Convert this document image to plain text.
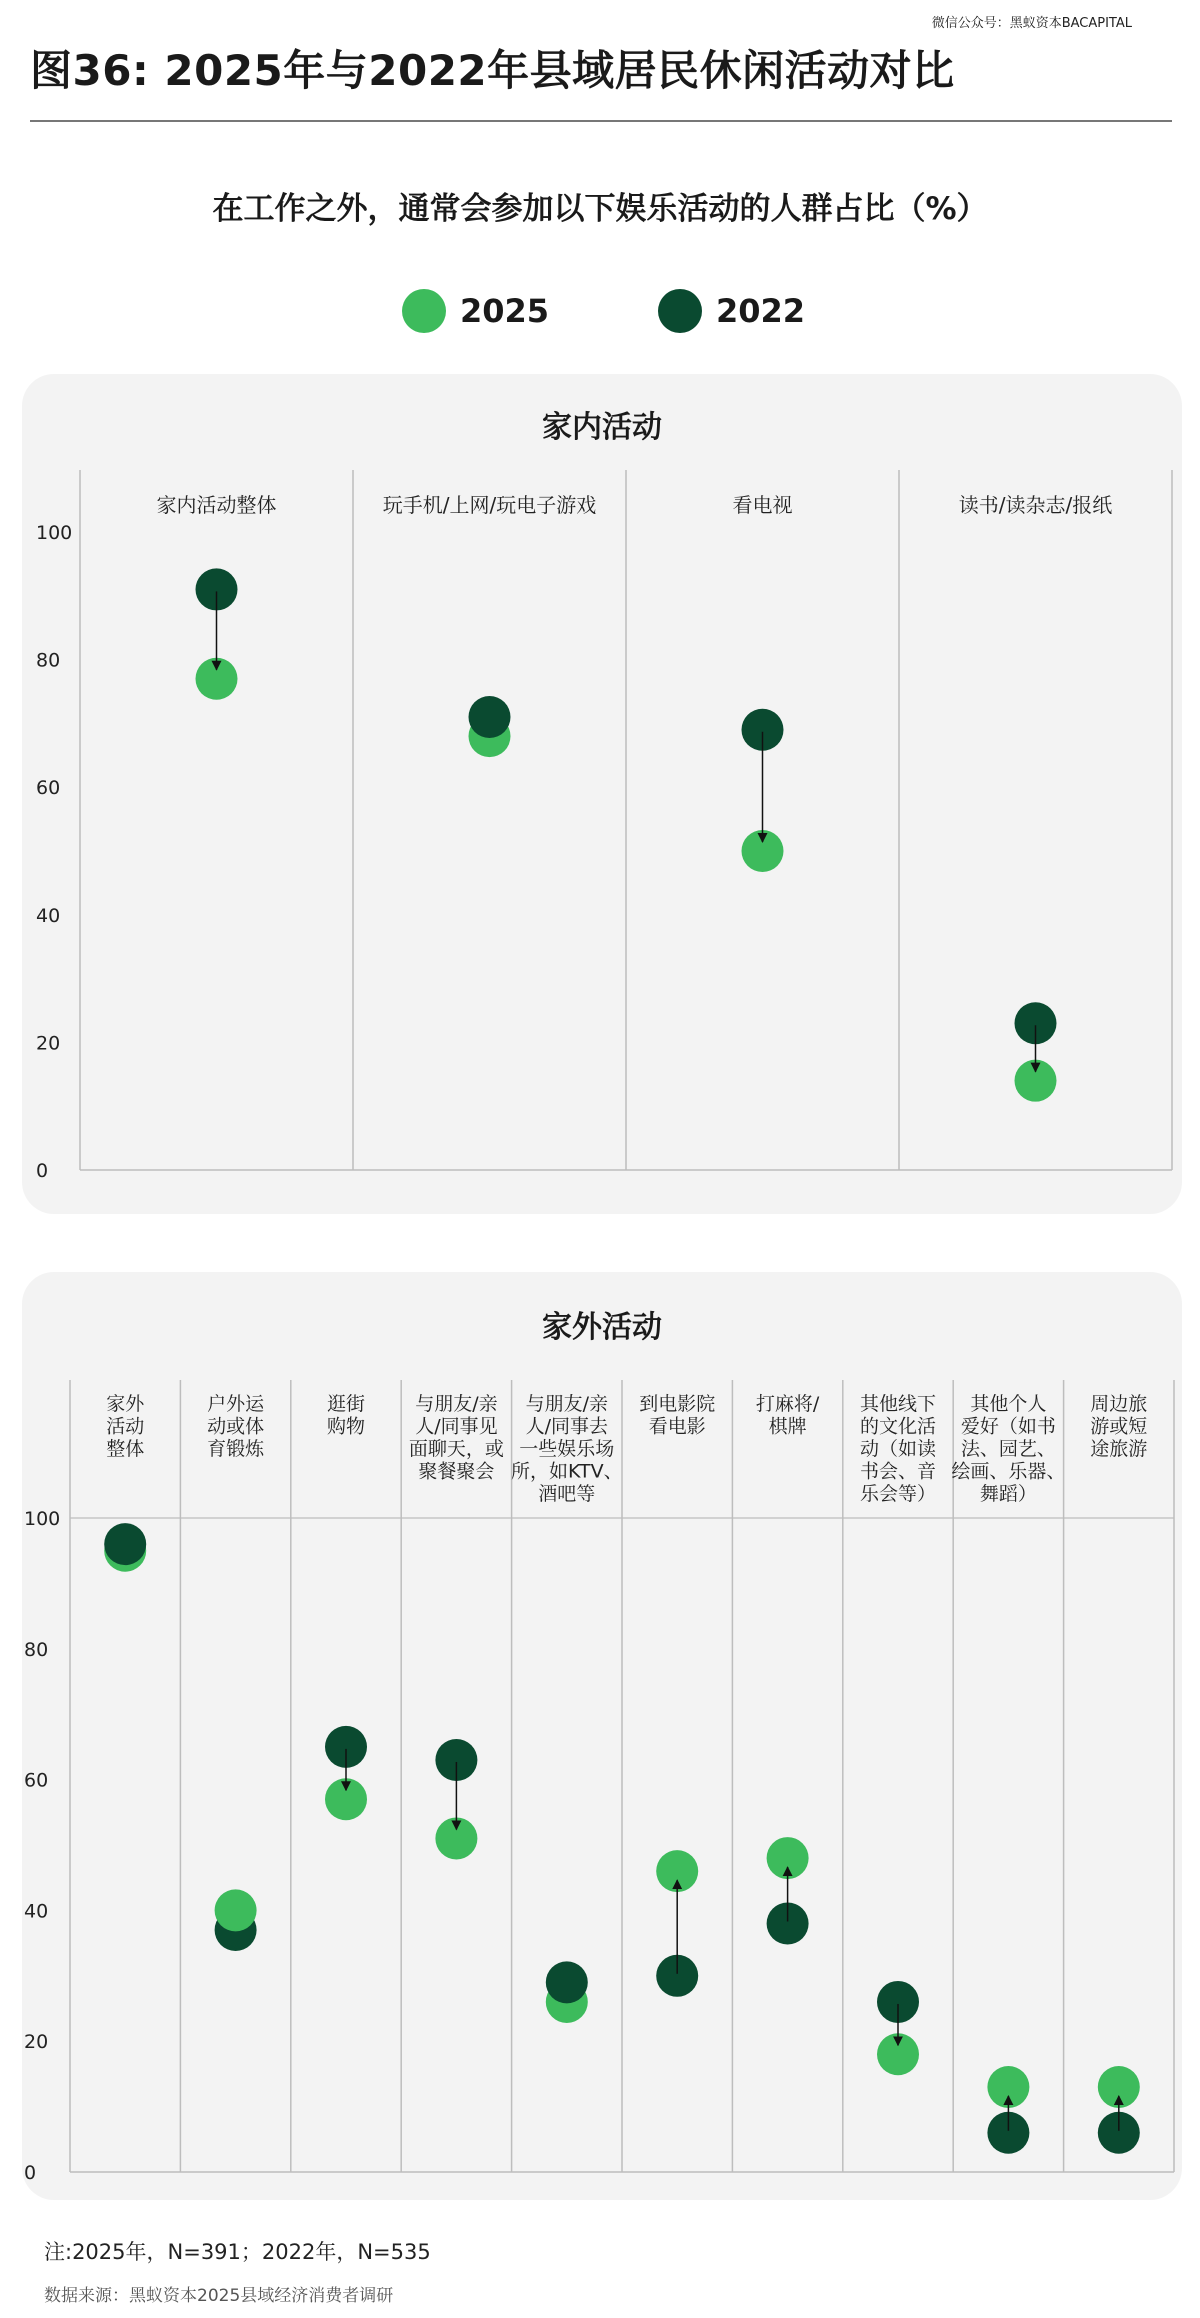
微信公众号：黑蚁资本BACAPITAL
图36: 2025年与2022年县域居民休闲活动对比
在工作之外，通常会参加以下娱乐活动的人群占比（%）
2025	2022
家内活动
0
20
40
60
80
100
家内活动整体	玩手机/上网/玩电子游戏	看电视	读书/读杂志/报纸
家外活动
0
20
40
60
80
100
家外活动整体
户外运动或体育锻炼
逛街购物
与朋友/亲人/同事见面聊天，或聚餐聚会
与朋友/亲人/同事去一些娱乐场所，如KTV、酒吧等
到电影院看电影
打麻将/棋牌
其他线下的文化活动（如读书会、音乐会等）
其他个人爱好（如书法、园艺、绘画、乐器、舞蹈）
周边旅游或短途旅游
注:2025年，N=391；2022年，N=535
数据来源：黑蚁资本2025县域经济消费者调研
